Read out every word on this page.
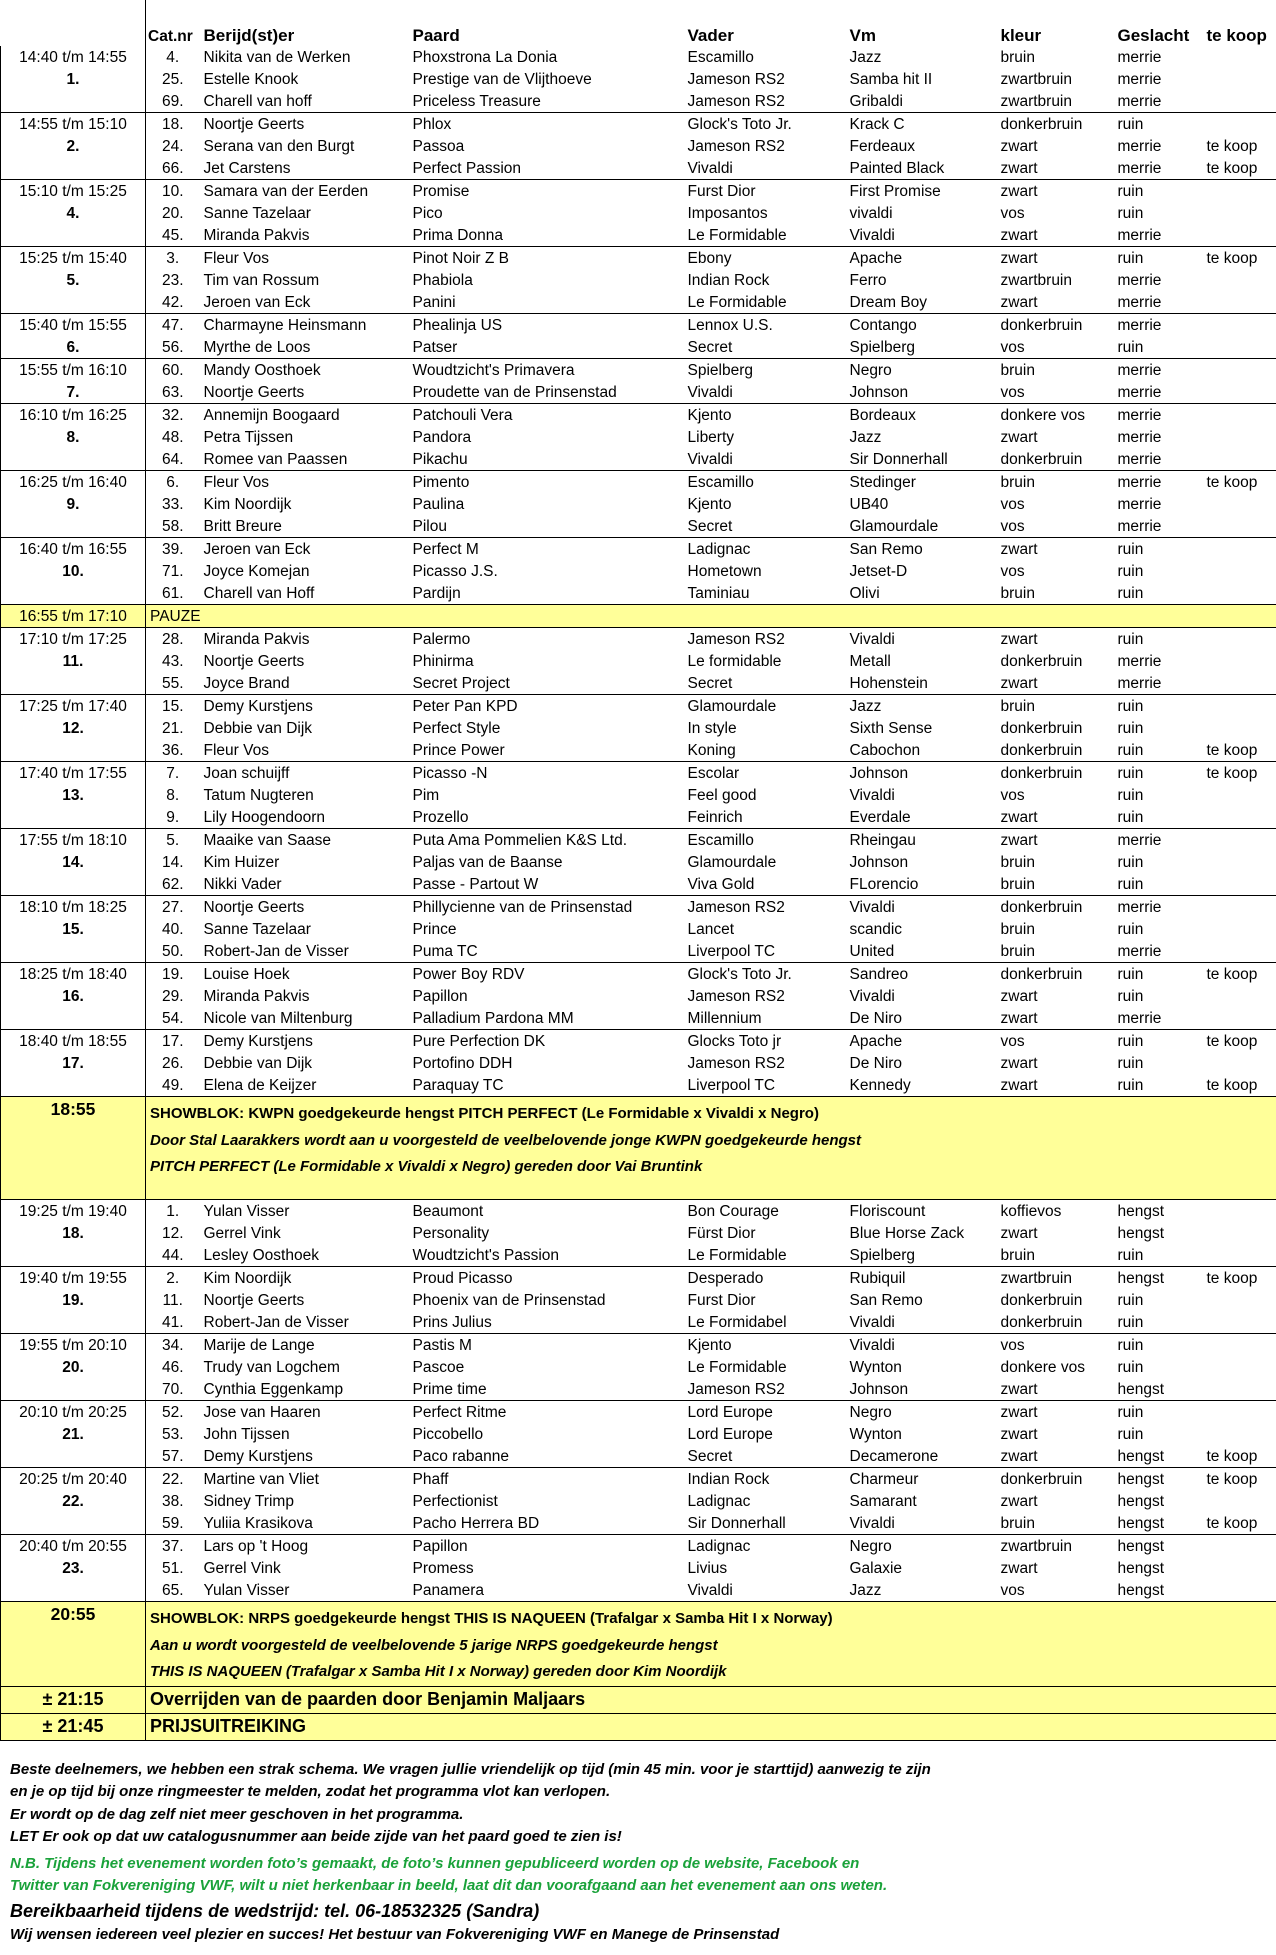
	Cat.nr	Berijd(st)er	Paard	Vader	Vm	kleur	Geslacht	te koop
14:40 t/m 14:55	4.	Nikita van de Werken	Phoxstrona La Donia	Escamillo	Jazz	bruin	merrie	
1.	25.	Estelle Knook	Prestige van de Vlijthoeve	Jameson RS2	Samba hit II	zwartbruin	merrie	
	69.	Charell van hoff	Priceless Treasure	Jameson RS2	Gribaldi	zwartbruin	merrie	
14:55 t/m 15:10	18.	Noortje Geerts	Phlox	Glock's Toto Jr.	Krack C	donkerbruin	ruin	
2.	24.	Serana van den Burgt	Passoa	Jameson RS2	Ferdeaux	zwart	merrie	te koop
	66.	Jet Carstens	Perfect Passion	Vivaldi	Painted Black	zwart	merrie	te koop
15:10 t/m 15:25	10.	Samara van der Eerden	Promise	Furst Dior	First Promise	zwart	ruin	
4.	20.	Sanne Tazelaar	Pico	Imposantos	vivaldi	vos	ruin	
	45.	Miranda Pakvis	Prima Donna	Le Formidable	Vivaldi	zwart	merrie	
15:25 t/m 15:40	3.	Fleur Vos	Pinot Noir Z B	Ebony	Apache	zwart	ruin	te koop
5.	23.	Tim van Rossum	Phabiola	Indian Rock	Ferro	zwartbruin	merrie	
	42.	Jeroen van Eck	Panini	Le Formidable	Dream Boy	zwart	merrie	
15:40 t/m 15:55	47.	Charmayne Heinsmann	Phealinja US	Lennox U.S.	Contango	donkerbruin	merrie	
6.	56.	Myrthe de Loos	Patser	Secret	Spielberg	vos	ruin	
15:55 t/m 16:10	60.	Mandy Oosthoek	Woudtzicht's Primavera	Spielberg	Negro	bruin	merrie	
7.	63.	Noortje Geerts	Proudette van de Prinsenstad	Vivaldi	Johnson	vos	merrie	
16:10 t/m 16:25	32.	Annemijn Boogaard	Patchouli Vera	Kjento	Bordeaux	donkere vos	merrie	
8.	48.	Petra Tijssen	Pandora	Liberty	Jazz	zwart	merrie	
	64.	Romee van Paassen	Pikachu	Vivaldi	Sir Donnerhall	donkerbruin	merrie	
16:25 t/m 16:40	6.	Fleur Vos	Pimento	Escamillo	Stedinger	bruin	merrie	te koop
9.	33.	Kim Noordijk	Paulina	Kjento	UB40	vos	merrie	
	58.	Britt Breure	Pilou	Secret	Glamourdale	vos	merrie	
16:40 t/m 16:55	39.	Jeroen van Eck	Perfect M	Ladignac	San Remo	zwart	ruin	
10.	71.	Joyce Komejan	Picasso J.S.	Hometown	Jetset-D	vos	ruin	
	61.	Charell van Hoff	Pardijn	Taminiau	Olivi	bruin	ruin	
16:55 t/m 17:10	PAUZE							
17:10 t/m 17:25	28.	Miranda Pakvis	Palermo	Jameson RS2	Vivaldi	zwart	ruin	
11.	43.	Noortje Geerts	Phinirma	Le formidable	Metall	donkerbruin	merrie	
	55.	Joyce Brand	Secret Project	Secret	Hohenstein	zwart	merrie	
17:25 t/m 17:40	15.	Demy Kurstjens	Peter Pan KPD	Glamourdale	Jazz	bruin	ruin	
12.	21.	Debbie van Dijk	Perfect Style	In style	Sixth Sense	donkerbruin	ruin	
	36.	Fleur Vos	Prince Power	Koning	Cabochon	donkerbruin	ruin	te koop
17:40 t/m 17:55	7.	Joan schuijff	Picasso -N	Escolar	Johnson	donkerbruin	ruin	te koop
13.	8.	Tatum Nugteren	Pim	Feel good	Vivaldi	vos	ruin	
	9.	Lily Hoogendoorn	Prozello	Feinrich	Everdale	zwart	ruin	
17:55 t/m 18:10	5.	Maaike van Saase	Puta Ama Pommelien K&S Ltd.	Escamillo	Rheingau	zwart	merrie	
14.	14.	Kim Huizer	Paljas van de Baanse	Glamourdale	Johnson	bruin	ruin	
	62.	Nikki Vader	Passe - Partout W	Viva Gold	FLorencio	bruin	ruin	
18:10 t/m 18:25	27.	Noortje Geerts	Phillycienne van de Prinsenstad	Jameson RS2	Vivaldi	donkerbruin	merrie	
15.	40.	Sanne Tazelaar	Prince	Lancet	scandic	bruin	ruin	
	50.	Robert-Jan de Visser	Puma TC	Liverpool TC	United	bruin	merrie	
18:25 t/m 18:40	19.	Louise Hoek	Power Boy RDV	Glock's Toto Jr.	Sandreo	donkerbruin	ruin	te koop
16.	29.	Miranda Pakvis	Papillon	Jameson RS2	Vivaldi	zwart	ruin	
	54.	Nicole van Miltenburg	Palladium Pardona MM	Millennium	De Niro	zwart	merrie	
18:40 t/m 18:55	17.	Demy Kurstjens	Pure Perfection DK	Glocks Toto jr	Apache	vos	ruin	te koop
17.	26.	Debbie van Dijk	Portofino DDH	Jameson RS2	De Niro	zwart	ruin	
	49.	Elena de Keijzer	Paraquay TC	Liverpool TC	Kennedy	zwart	ruin	te koop
18:55	SHOWBLOK: KWPN goedgekeurde hengst PITCH PERFECT (Le Formidable x Vivaldi x Negro)
Door Stal Laarakkers wordt aan u voorgesteld de veelbelovende jonge KWPN goedgekeurde hengst
PITCH PERFECT (Le Formidable x Vivaldi x Negro) gereden door Vai Bruntink							

19:25 t/m 19:40	1.	Yulan Visser	Beaumont	Bon Courage	Floriscount	koffievos	hengst	
18.	12.	Gerrel Vink	Personality	Fürst Dior	Blue Horse Zack	zwart	hengst	
	44.	Lesley Oosthoek	Woudtzicht's Passion	Le Formidable	Spielberg	bruin	ruin	
19:40 t/m 19:55	2.	Kim Noordijk	Proud Picasso	Desperado	Rubiquil	zwartbruin	hengst	te koop
19.	11.	Noortje Geerts	Phoenix van de Prinsenstad	Furst Dior	San Remo	donkerbruin	ruin	
	41.	Robert-Jan de Visser	Prins Julius	Le Formidabel	Vivaldi	donkerbruin	ruin	
19:55 t/m 20:10	34.	Marije de Lange	Pastis M	Kjento	Vivaldi	vos	ruin	
20.	46.	Trudy van Logchem	Pascoe	Le Formidable	Wynton	donkere vos	ruin	
	70.	Cynthia Eggenkamp	Prime time	Jameson RS2	Johnson	zwart	hengst	
20:10 t/m 20:25	52.	Jose van Haaren	Perfect Ritme	Lord Europe	Negro	zwart	ruin	
21.	53.	John Tijssen	Piccobello	Lord Europe	Wynton	zwart	ruin	
	57.	Demy Kurstjens	Paco rabanne	Secret	Decamerone	zwart	hengst	te koop
20:25 t/m 20:40	22.	Martine van Vliet	Phaff	Indian Rock	Charmeur	donkerbruin	hengst	te koop
22.	38.	Sidney Trimp	Perfectionist	Ladignac	Samarant	zwart	hengst	
	59.	Yuliia Krasikova	Pacho Herrera BD	Sir Donnerhall	Vivaldi	bruin	hengst	te koop
20:40 t/m 20:55	37.	Lars op 't Hoog	Papillon	Ladignac	Negro	zwartbruin	hengst	
23.	51.	Gerrel Vink	Promess	Livius	Galaxie	zwart	hengst	
	65.	Yulan Visser	Panamera	Vivaldi	Jazz	vos	hengst	
20:55	SHOWBLOK: NRPS goedgekeurde hengst THIS IS NAQUEEN (Trafalgar x Samba Hit I x Norway)
Aan u wordt voorgesteld de veelbelovende 5 jarige NRPS goedgekeurde hengst
THIS IS NAQUEEN (Trafalgar x Samba Hit I x Norway) gereden door Kim Noordijk							

± 21:15	Overrijden van de paarden door Benjamin Maljaars							
± 21:45	PRIJSUITREIKING							
Beste deelnemers, we hebben een strak schema. We vragen jullie vriendelijk op tijd (min 45 min. voor je starttijd) aanwezig te zijn
en je op tijd bij onze ringmeester te melden, zodat het programma vlot kan verlopen.
Er wordt op de dag zelf niet meer geschoven in het programma.
LET Er ook op dat uw catalogusnummer aan beide zijde van het paard goed te zien is!
N.B. Tijdens het evenement worden foto’s gemaakt, de foto’s kunnen gepubliceerd worden op de website, Facebook en
Twitter van Fokvereniging VWF, wilt u niet herkenbaar in beeld, laat dit dan voorafgaand aan het evenement aan ons weten.
Bereikbaarheid tijdens de wedstrijd: tel. 06-18532325 (Sandra)
Wij wensen iedereen veel plezier en succes! Het bestuur van Fokvereniging VWF en Manege de Prinsenstad
